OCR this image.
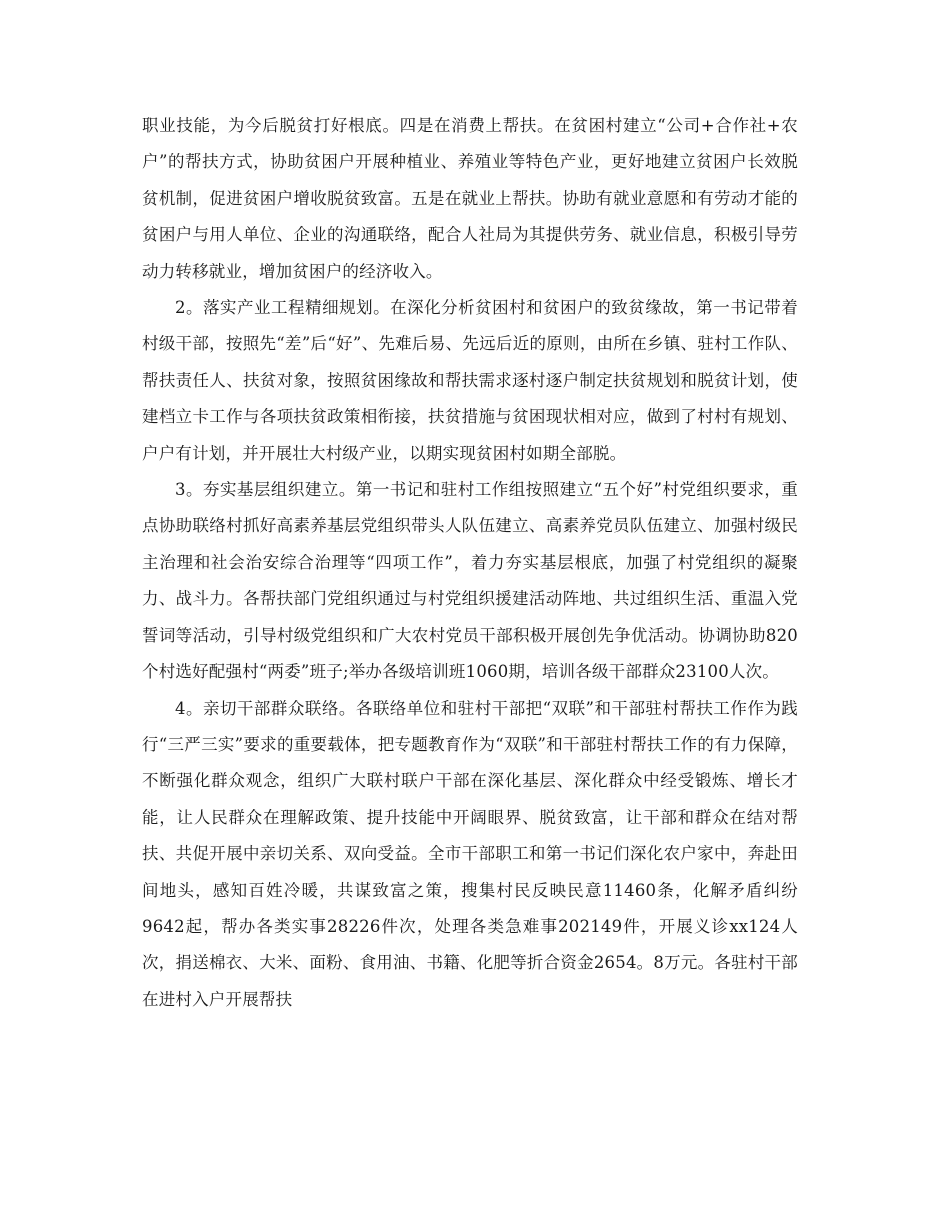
职业技能，为今后脱贫打好根底。四是在消费上帮扶。在贫困村建立“公司+合作社+农户”的帮扶方式，协助贫困户开展种植业、养殖业等特色产业，更好地建立贫困户长效脱贫机制，促进贫困户增收脱贫致富。五是在就业上帮扶。协助有就业意愿和有劳动才能的贫困户与用人单位、企业的沟通联络，配合人社局为其提供劳务、就业信息，积极引导劳动力转移就业，增加贫困户的经济收入。

2。落实产业工程精细规划。在深化分析贫困村和贫困户的致贫缘故，第一书记带着村级干部，按照先“差”后“好”、先难后易、先远后近的原则，由所在乡镇、驻村工作队、帮扶责任人、扶贫对象，按照贫困缘故和帮扶需求逐村逐户制定扶贫规划和脱贫计划，使建档立卡工作与各项扶贫政策相衔接，扶贫措施与贫困现状相对应，做到了村村有规划、户户有计划，并开展壮大村级产业，以期实现贫困村如期全部脱。

3。夯实基层组织建立。第一书记和驻村工作组按照建立“五个好”村党组织要求，重点协助联络村抓好高素养基层党组织带头人队伍建立、高素养党员队伍建立、加强村级民主治理和社会治安综合治理等“四项工作”，着力夯实基层根底，加强了村党组织的凝聚力、战斗力。各帮扶部门党组织通过与村党组织援建活动阵地、共过组织生活、重温入党誓词等活动，引导村级党组织和广大农村党员干部积极开展创先争优活动。协调协助820个村选好配强村“两委”班子;举办各级培训班1060期，培训各级干部群众23100人次。

4。亲切干部群众联络。各联络单位和驻村干部把“双联”和干部驻村帮扶工作作为践行“三严三实”要求的重要载体，把专题教育作为“双联”和干部驻村帮扶工作的有力保障，不断强化群众观念，组织广大联村联户干部在深化基层、深化群众中经受锻炼、增长才能，让人民群众在理解政策、提升技能中开阔眼界、脱贫致富，让干部和群众在结对帮扶、共促开展中亲切关系、双向受益。全市干部职工和第一书记们深化农户家中，奔赴田间地头，感知百姓冷暖，共谋致富之策，搜集村民反映民意11460条，化解矛盾纠纷9642起，帮办各类实事28226件次，处理各类急难事202149件，开展义诊xx124人次，捐送棉衣、大米、面粉、食用油、书籍、化肥等折合资金2654。8万元。各驻村干部在进村入户开展帮扶
